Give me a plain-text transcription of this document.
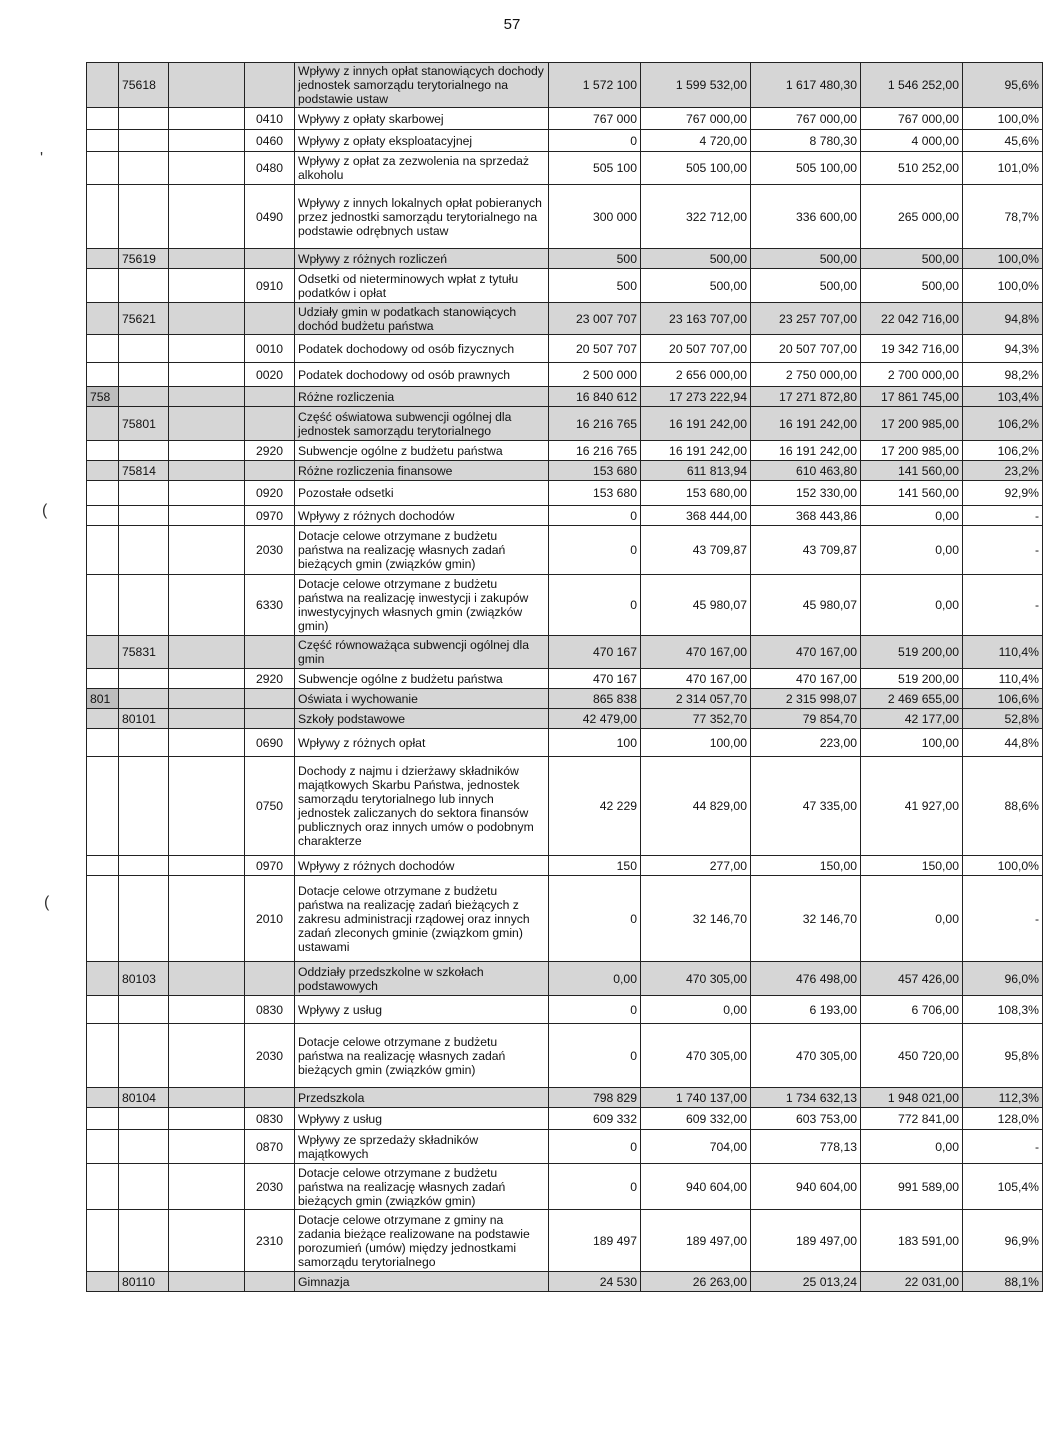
57
'
(
(
	75618			Wpływy z innych opłat stanowiących dochody jednostek samorządu terytorialnego na podstawie ustaw	1 572 100	1 599 532,00	1 617 480,30	1 546 252,00	95,6%
			0410	Wpływy z opłaty skarbowej	767 000	767 000,00	767 000,00	767 000,00	100,0%
			0460	Wpływy z opłaty eksploatacyjnej	0	4 720,00	8 780,30	4 000,00	45,6%
			0480	Wpływy z opłat za zezwolenia na sprzedaż alkoholu	505 100	505 100,00	505 100,00	510 252,00	101,0%
			0490	Wpływy z innych lokalnych opłat pobieranych przez jednostki samorządu terytorialnego na podstawie odrębnych ustaw	300 000	322 712,00	336 600,00	265 000,00	78,7%
	75619			Wpływy z różnych rozliczeń	500	500,00	500,00	500,00	100,0%
			0910	Odsetki od nieterminowych wpłat z tytułu podatków i opłat	500	500,00	500,00	500,00	100,0%
	75621			Udziały gmin w podatkach stanowiących dochód budżetu państwa	23 007 707	23 163 707,00	23 257 707,00	22 042 716,00	94,8%
			0010	Podatek dochodowy od osób fizycznych	20 507 707	20 507 707,00	20 507 707,00	19 342 716,00	94,3%
			0020	Podatek dochodowy od osób prawnych	2 500 000	2 656 000,00	2 750 000,00	2 700 000,00	98,2%
758				Różne rozliczenia	16 840 612	17 273 222,94	17 271 872,80	17 861 745,00	103,4%
	75801			Część oświatowa subwencji ogólnej dla jednostek samorządu terytorialnego	16 216 765	16 191 242,00	16 191 242,00	17 200 985,00	106,2%
			2920	Subwencje ogólne z budżetu państwa	16 216 765	16 191 242,00	16 191 242,00	17 200 985,00	106,2%
	75814			Różne rozliczenia finansowe	153 680	611 813,94	610 463,80	141 560,00	23,2%
			0920	Pozostałe odsetki	153 680	153 680,00	152 330,00	141 560,00	92,9%
			0970	Wpływy z różnych dochodów	0	368 444,00	368 443,86	0,00	-
			2030	Dotacje celowe otrzymane z budżetu państwa na realizację własnych zadań bieżących gmin (związków gmin)	0	43 709,87	43 709,87	0,00	-
			6330	Dotacje celowe otrzymane z budżetu państwa na realizację inwestycji i zakupów inwestycyjnych własnych gmin (związków gmin)	0	45 980,07	45 980,07	0,00	-
	75831			Część równoważąca subwencji ogólnej dla gmin	470 167	470 167,00	470 167,00	519 200,00	110,4%
			2920	Subwencje ogólne z budżetu państwa	470 167	470 167,00	470 167,00	519 200,00	110,4%
801				Oświata i wychowanie	865 838	2 314 057,70	2 315 998,07	2 469 655,00	106,6%
	80101			Szkoły podstawowe	42 479,00	77 352,70	79 854,70	42 177,00	52,8%
			0690	Wpływy z różnych opłat	100	100,00	223,00	100,00	44,8%
			0750	Dochody z najmu i dzierżawy składników majątkowych Skarbu Państwa, jednostek samorządu terytorialnego lub innych jednostek zaliczanych do sektora finansów publicznych oraz innych umów o podobnym charakterze	42 229	44 829,00	47 335,00	41 927,00	88,6%
			0970	Wpływy z różnych dochodów	150	277,00	150,00	150,00	100,0%
			2010	Dotacje celowe otrzymane z budżetu państwa na realizację zadań bieżących z zakresu administracji rządowej oraz innych zadań zleconych gminie (związkom gmin) ustawami	0	32 146,70	32 146,70	0,00	-
	80103			Oddziały przedszkolne w szkołach podstawowych	0,00	470 305,00	476 498,00	457 426,00	96,0%
			0830	Wpływy z usług	0	0,00	6 193,00	6 706,00	108,3%
			2030	Dotacje celowe otrzymane z budżetu państwa na realizację własnych zadań bieżących gmin (związków gmin)	0	470 305,00	470 305,00	450 720,00	95,8%
	80104			Przedszkola	798 829	1 740 137,00	1 734 632,13	1 948 021,00	112,3%
			0830	Wpływy z usług	609 332	609 332,00	603 753,00	772 841,00	128,0%
			0870	Wpływy ze sprzedaży składników majątkowych	0	704,00	778,13	0,00	-
			2030	Dotacje celowe otrzymane z budżetu państwa na realizację własnych zadań bieżących gmin (związków gmin)	0	940 604,00	940 604,00	991 589,00	105,4%
			2310	Dotacje celowe otrzymane z gminy na zadania bieżące realizowane na podstawie porozumień (umów) między jednostkami samorządu terytorialnego	189 497	189 497,00	189 497,00	183 591,00	96,9%
	80110			Gimnazja	24 530	26 263,00	25 013,24	22 031,00	88,1%
